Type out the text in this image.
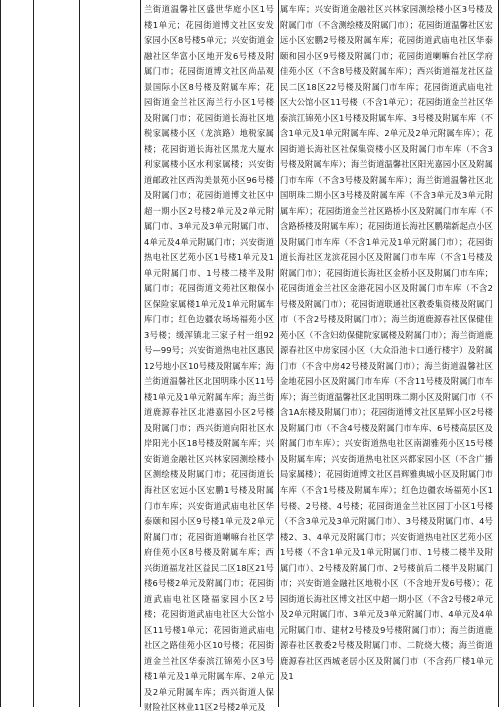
兰街道温馨社区盛世华庭小区1号楼1单元；花园街道博文社区安发家园小区8号楼5单元；兴安街道金融社区华富小区地开发6号楼及附属门市；花园街道博文社区尚品观景国际小区8号楼及附属车库；花园街道金兰社区海兰行小区1号楼及附属门市；花园街道长海社区地税家属楼小区（龙滨路）地税家属楼；花园街道长海社区黑龙大厦水利家属楼小区水利家属楼；兴安街道邮政社区西沟美景苑小区96号楼及附属门市；花园街道博文社区中超一期小区2号楼2单元及2单元附属门市、3单元及3单元附属门市、4单元及4单元附属门市；兴安街道热电社区艺苑小区1号楼1单元及1单元附属门市、1号楼二楼半及附属门市；花园街道文苑社区粮保小区保险家属楼1单元及1单元附属车库门市；红色边疆农场场福苑小区3号楼；缓浑镇北三家子村一组92号—99号；兴安街道热电社区惠民12号地小区10号楼及附属车库；海兰街道温馨社区北国明珠小区11号楼1单元及1单元附属车库；海兰街道鹿源春社区北港嘉园小区2号楼及附属门市；西兴街道向阳社区水岸阳光小区18号楼及附属车库；兴安街道金融社区兴林家园测绘楼小区测绘楼及附属门市；花园街道长海社区宏远小区宏鹏1号楼及附属门市车库；兴安街道武庙电社区华泰颐和园小区9号楼1单元及2单元附属门市；花园街道喇嘛台社区学府佳苑小区8号楼及附属车库；西兴街道福龙社区益民二区18区21号楼6号楼2单元及附属门市；花园街道武庙电社区隆福家园小区2号楼；花园街道武庙电社区大公馆小区11号楼1单元；花园街道武庙电社区之路佳苑小区10号楼；花园街道金兰社区华泰滨江锦苑小区3号楼1单元及1单元附属车库、2单元及2单元附属车库；西兴街道人保财险社区林业11区2号楼2单元及
属车库；兴安街道金融社区兴林家园测绘楼小区3号楼及附属门市（不含测绘楼及附属门市）；花园街道温馨社区宏远小区宏鹏2号楼及附属车库；花园街道武庙电社区华泰颐和园小区9号楼及附属门市；花园街道喇嘛台社区学府佳苑小区（不含8号楼及附属车库）；西兴街道福龙社区益民二区18区22号楼及附属门市车库；花园街道武庙电社区大公馆小区11号楼（不含1单元）；花园街道金兰社区华泰滨江锦苑小区1号楼及附属车库、3号楼及附属车库（不含1单元及1单元附属车库、2单元及2单元附属车库）；花园街道长海社区社保集资楼小区及附属门市车库（不含3号楼及附属车库）；海兰街道温馨社区阳光嘉园小区及附属门市车库（不含3号楼及附属车库）；海兰街道温馨社区北国明珠二期小区3号楼及附属车库（不含3单元及3单元附属车库）；花园街道金兰社区路桥小区及附属门市车库（不含路桥楼及附属车库）；花园街道长海社区鹏瑞新起点小区及附属门市车库（不含1单元及1单元附属门市）；花园街道长海社区龙滨花园小区及附属门市车库（不含1号楼及附属门市）；花园街道长海社区金桥小区及附属门市车库；花园街道金兰社区金港花园小区及附属门市车库（不含2号楼及附属门市）；花园街道联通社区教委集资楼及附属门市（不含2号楼及附属门市）；海兰街道鹿源春社区保健佳苑小区（不含妇幼保健院家属楼及附属门市）；海兰街道鹿源春社区中房家园小区（大众沿池卡口通行楼宇）及附属门市（不含中房42号楼及附属门市）；海兰街道温馨社区金地花园小区及附属门市车库（不含11号楼及附属门市车库）；海兰街道温馨社区北国明珠二期小区及附属门市（不含1A东楼及附属门市）；花园街道博文社区星辉小区2号楼及附属门市（不含4号楼及附属门市车库、6号楼高层区及附属门市车库）；兴安街道热电社区南湖雅苑小区15号楼及附属车库；兴安街道热电社区兴都家园小区（不含广播局家属楼）；花园街道博文社区昌辉雅典城小区及附属门市车库（不含1号楼及附属车库）；红色边疆农场福苑小区1号楼、2号楼、4号楼；花园街道金兰社区园丁小区1号楼（不含3单元及3单元附属门市）、3号楼及附属门市、4号楼2、3、4单元及附属门市；兴安街道热电社区艺苑小区1号楼（不含1单元及1单元附属门市、1号楼二楼半及附属门市）、2号楼及附属门市、2号楼前后二楼半及附属门市；兴安街道金融社区地税小区（不含地开发6号楼）；花园街道长海社区博文社区中超一期小区（不含2号楼2单元及2单元附属门市、3单元及3单元附属门市、4单元及4单元附属门市、建材2号楼及9号楼附属门市）；海兰街道鹿源春社区教委2号楼及附属门市、二院烧大楼；海兰街道鹿源春社区西城老居小区及附属门市（不含药厂楼1单元及1
